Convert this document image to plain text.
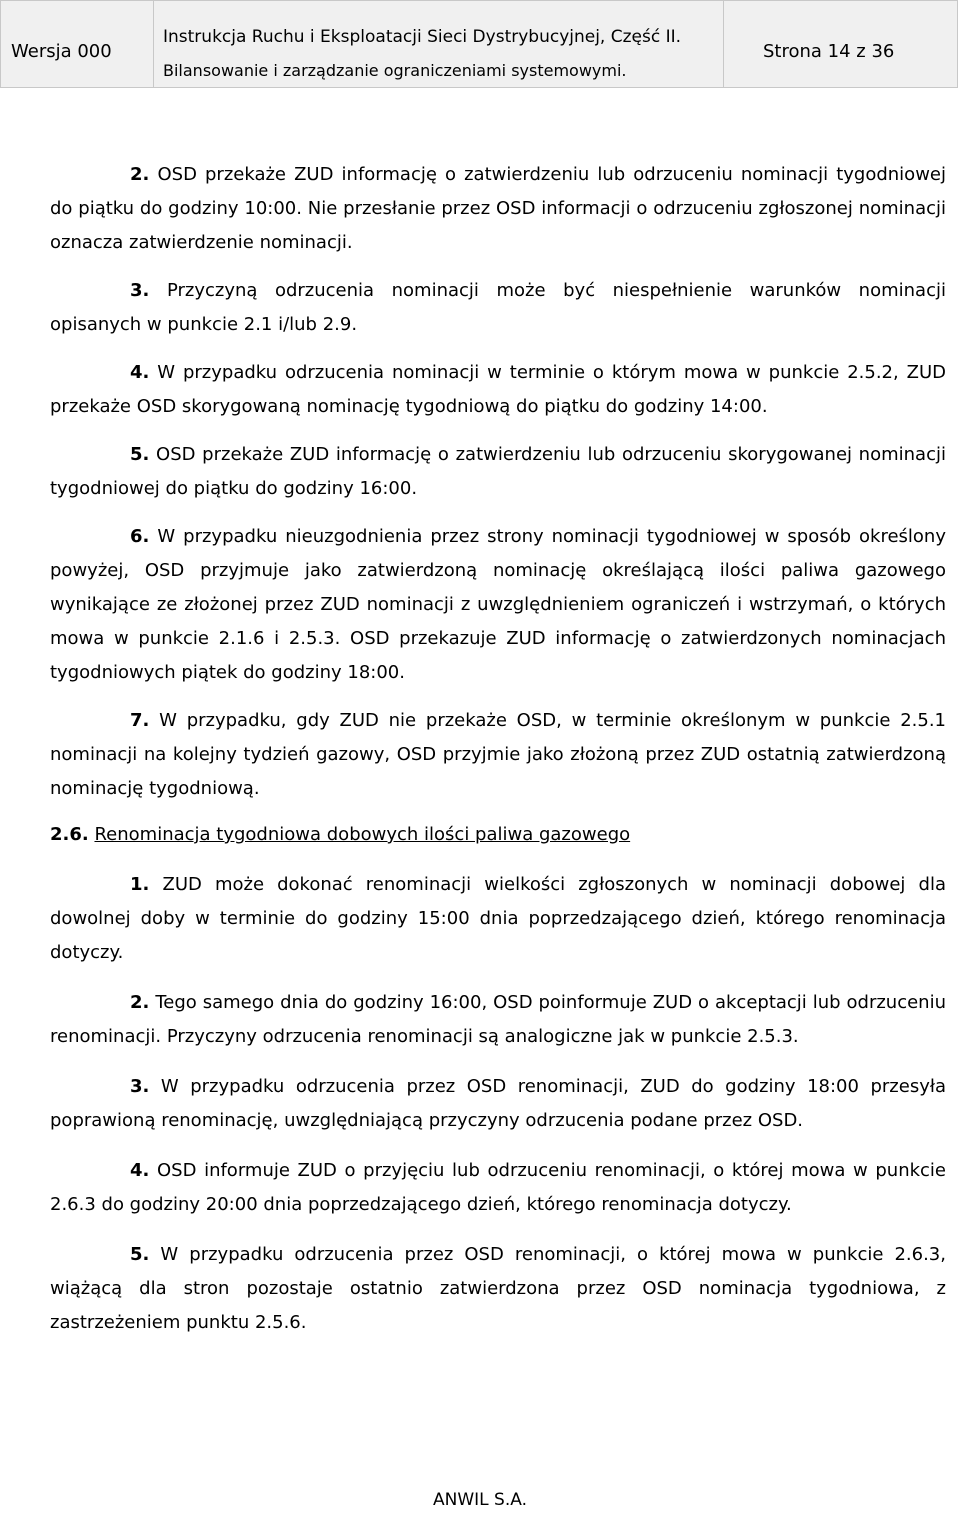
Wersja 000
Instrukcja Ruchu i Eksploatacji Sieci Dystrybucyjnej, Część II.
Bilansowanie i zarządzanie ograniczeniami systemowymi.
Strona 14 z 36

2. OSD przekaże ZUD informację o zatwierdzeniu lub odrzuceniu nominacji tygodniowej do piątku do godziny 10:00. Nie przesłanie przez OSD informacji o odrzuceniu zgłoszonej nominacji oznacza zatwierdzenie nominacji.

3. Przyczyną odrzucenia nominacji może być niespełnienie warunków nominacji opisanych w punkcie 2.1 i/lub 2.9.

4. W przypadku odrzucenia nominacji w terminie o którym mowa w punkcie 2.5.2, ZUD przekaże OSD skorygowaną nominację tygodniową do piątku do godziny 14:00.

5. OSD przekaże ZUD informację o zatwierdzeniu lub odrzuceniu skorygowanej nominacji tygodniowej do piątku do godziny 16:00.

6. W przypadku nieuzgodnienia przez strony nominacji tygodniowej w sposób określony powyżej, OSD przyjmuje jako zatwierdzoną nominację określającą ilości paliwa gazowego wynikające ze złożonej przez ZUD nominacji z uwzględnieniem ograniczeń i wstrzymań, o których mowa w punkcie 2.1.6 i 2.5.3. OSD przekazuje ZUD informację o zatwierdzonych nominacjach tygodniowych piątek do godziny 18:00.

7. W przypadku, gdy ZUD nie przekaże OSD, w terminie określonym w punkcie 2.5.1 nominacji na kolejny tydzień gazowy, OSD przyjmie jako złożoną przez ZUD ostatnią zatwierdzoną nominację tygodniową.

2.6. Renominacja tygodniowa dobowych ilości paliwa gazowego

1. ZUD może dokonać renominacji wielkości zgłoszonych w nominacji dobowej dla dowolnej doby w terminie do godziny 15:00 dnia poprzedzającego dzień, którego renominacja dotyczy.

2. Tego samego dnia do godziny 16:00, OSD poinformuje ZUD o akceptacji lub odrzuceniu renominacji. Przyczyny odrzucenia renominacji są analogiczne jak w punkcie 2.5.3.

3. W przypadku odrzucenia przez OSD renominacji, ZUD do godziny 18:00 przesyła poprawioną renominację, uwzględniającą przyczyny odrzucenia podane przez OSD.

4. OSD informuje ZUD o przyjęciu lub odrzuceniu renominacji, o której mowa w punkcie 2.6.3 do godziny 20:00 dnia poprzedzającego dzień, którego renominacja dotyczy.

5. W przypadku odrzucenia przez OSD renominacji, o której mowa w punkcie 2.6.3, wiążącą dla stron pozostaje ostatnio zatwierdzona przez OSD nominacja tygodniowa, z zastrzeżeniem punktu 2.5.6.

ANWIL S.A.
